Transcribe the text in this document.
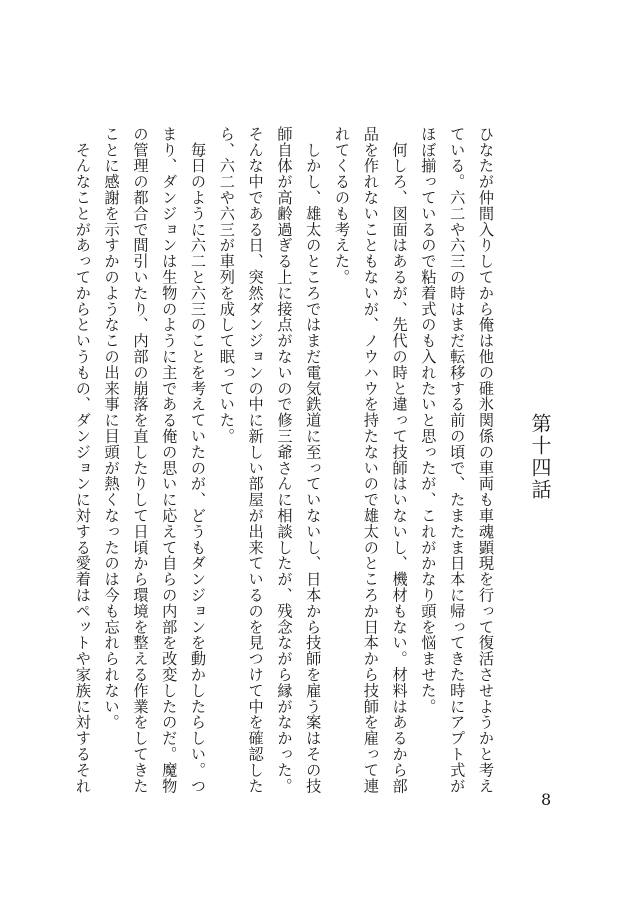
第十四話

ひなたが仲間入りしてから俺は他の碓氷関係の車両も車魂顕現を行って復活させようかと考えている。六二や六三の時はまだ転移する前の頃で、たまたま日本に帰ってきた時にアプト式がほぼ揃っているので粘着式のも入れたいと思ったが、これがかなり頭を悩ませた。

　何しろ、図面はあるが、先代の時と違って技師はいないし、機材もない。材料はあるから部品を作れないこともないが、ノウハウを持たないので雄太のところか日本から技師を雇って連れてくるのも考えた。

　しかし、雄太のところではまだ電気鉄道に至っていないし、日本から技師を雇う案はその技師自体が高齢過ぎる上に接点がないので修三爺さんに相談したが、残念ながら縁がなかった。そんな中である日、突然ダンジョンの中に新しい部屋が出来ているのを見つけて中を確認したら、六二や六三が車列を成して眠っていた。

　毎日のように六二と六三のことを考えていたのが、どうもダンジョンを動かしたらしい。つまり、ダンジョンは生物のように主である俺の思いに応えて自らの内部を改変したのだ。魔物の管理の都合で間引いたり、内部の崩落を直したりして日頃から環境を整える作業をしてきたことに感謝を示すかのようなこの出来事に目頭が熱くなったのは今も忘れられない。

　そんなことがあってからというもの、ダンジョンに対する愛着はペットや家族に対するそれ

8
